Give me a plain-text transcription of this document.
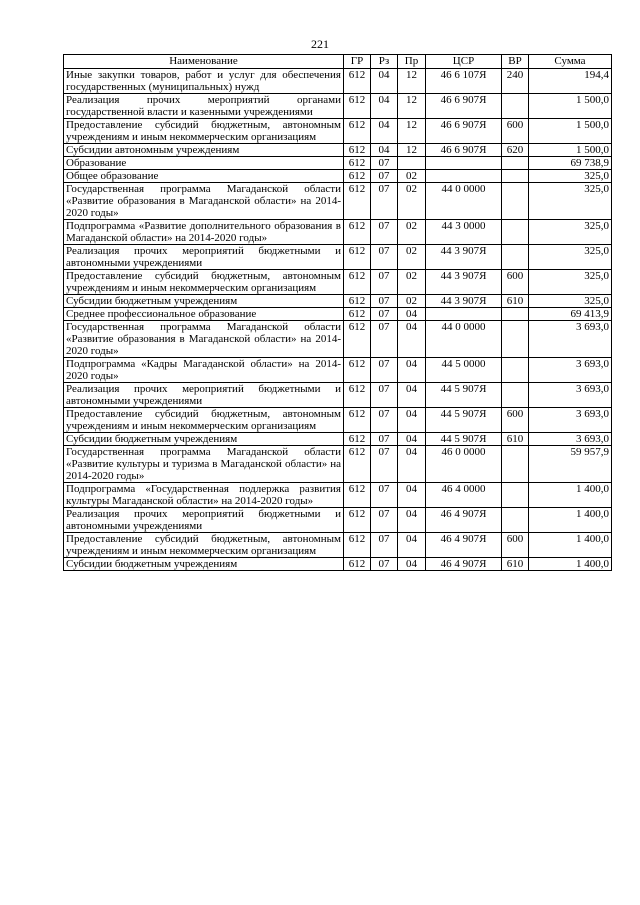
221
Наименование	ГР	Рз	Пр	ЦСР	ВР	Сумма
Иные закупки товаров, работ и услуг для обеспечения государственных (муниципальных) нужд	612	04	12	46 6 107Я	240	194,4
Реализация прочих мероприятий органами государственной власти и казенными учреждениями	612	04	12	46 6 907Я		1 500,0
Предоставление субсидий бюджетным, автономным учреждениям и иным некоммерческим организациям	612	04	12	46 6 907Я	600	1 500,0
Субсидии автономным учреждениям	612	04	12	46 6 907Я	620	1 500,0
Образование	612	07				69 738,9
Общее образование	612	07	02			325,0
Государственная программа Магаданской области «Развитие образования в Магаданской области» на 2014-2020 годы»	612	07	02	44 0 0000		325,0
Подпрограмма «Развитие дополнительного образования в Магаданской области» на 2014-2020 годы»	612	07	02	44 3 0000		325,0
Реализация прочих мероприятий бюджетными и автономными учреждениями	612	07	02	44 3 907Я		325,0
Предоставление субсидий бюджетным, автономным учреждениям и иным некоммерческим организациям	612	07	02	44 3 907Я	600	325,0
Субсидии бюджетным учреждениям	612	07	02	44 3 907Я	610	325,0
Среднее профессиональное образование	612	07	04			69 413,9
Государственная программа Магаданской области «Развитие образования в Магаданской области» на 2014-2020 годы»	612	07	04	44 0 0000		3 693,0
Подпрограмма «Кадры Магаданской области» на 2014-2020 годы»	612	07	04	44 5 0000		3 693,0
Реализация прочих мероприятий бюджетными и автономными учреждениями	612	07	04	44 5 907Я		3 693,0
Предоставление субсидий бюджетным, автономным учреждениям и иным некоммерческим организациям	612	07	04	44 5 907Я	600	3 693,0
Субсидии бюджетным учреждениям	612	07	04	44 5 907Я	610	3 693,0
Государственная программа Магаданской области «Развитие культуры и туризма в Магаданской области» на 2014-2020 годы»	612	07	04	46 0 0000		59 957,9
Подпрограмма «Государственная подлержка развития культуры Магаданской области» на 2014-2020 годы»	612	07	04	46 4 0000		1 400,0
Реализация прочих мероприятий бюджетными и автономными учреждениями	612	07	04	46 4 907Я		1 400,0
Предоставление субсидий бюджетным, автономным учреждениям и иным некоммерческим организациям	612	07	04	46 4 907Я	600	1 400,0
Субсидии бюджетным учреждениям	612	07	04	46 4 907Я	610	1 400,0
